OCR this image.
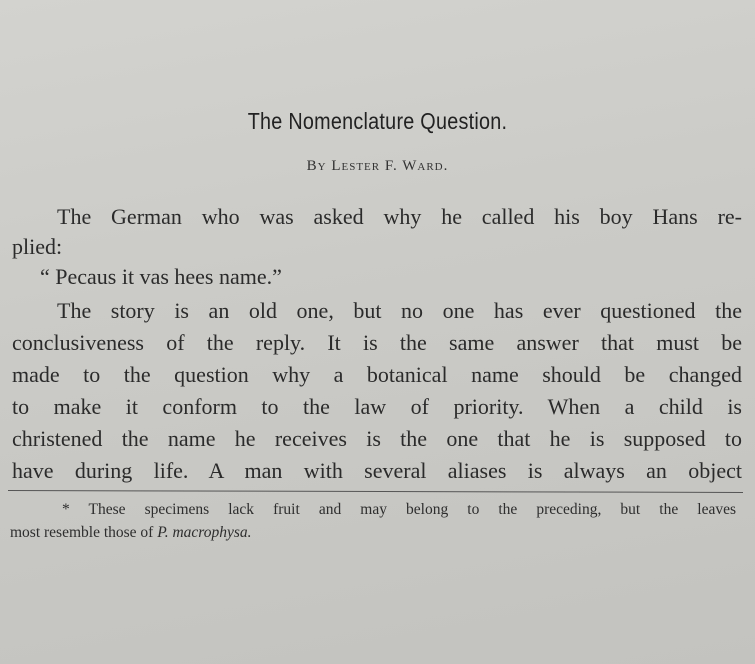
The Nomenclature Question.
By Lester F. Ward.
The German who was asked why he called his boy Hans re-
plied:
“ Pecaus it vas hees name.”
The story is an old one, but no one has ever questioned the
conclusiveness of the reply. It is the same answer that must be
made to the question why a botanical name should be changed
to make it conform to the law of priority. When a child is
christened the name he receives is the one that he is supposed to
have during life. A man with several aliases is always an object
* These specimens lack fruit and may belong to the preceding, but the leaves
most resemble those of P. macrophysa.
